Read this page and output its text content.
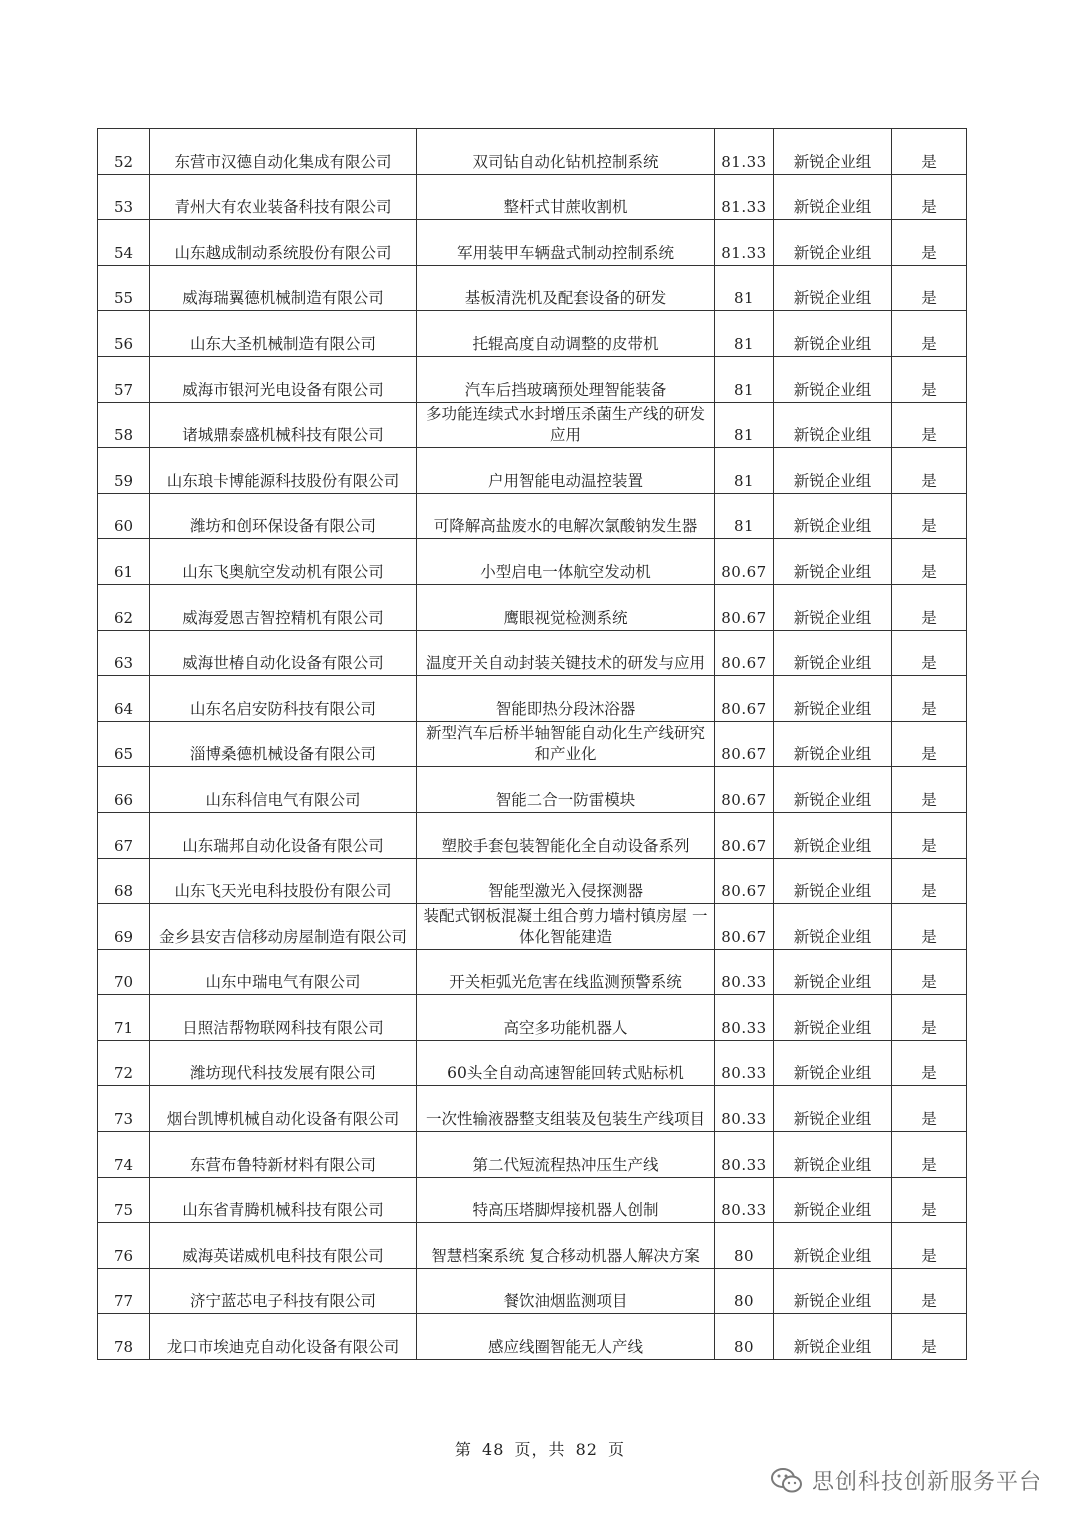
52	东营市汉德自动化集成有限公司	双司钻自动化钻机控制系统	81.33	新锐企业组	是
53	青州大有农业装备科技有限公司	整杆式甘蔗收割机	81.33	新锐企业组	是
54	山东越成制动系统股份有限公司	军用装甲车辆盘式制动控制系统	81.33	新锐企业组	是
55	威海瑞翼德机械制造有限公司	基板清洗机及配套设备的研发	81	新锐企业组	是
56	山东大圣机械制造有限公司	托辊高度自动调整的皮带机	81	新锐企业组	是
57	威海市银河光电设备有限公司	汽车后挡玻璃预处理智能装备	81	新锐企业组	是
58	诸城鼎泰盛机械科技有限公司	多功能连续式水封增压杀菌生产线的研发应用	81	新锐企业组	是
59	山东琅卡博能源科技股份有限公司	户用智能电动温控装置	81	新锐企业组	是
60	潍坊和创环保设备有限公司	可降解高盐废水的电解次氯酸钠发生器	81	新锐企业组	是
61	山东飞奥航空发动机有限公司	小型启电一体航空发动机	80.67	新锐企业组	是
62	威海爱恩吉智控精机有限公司	鹰眼视觉检测系统	80.67	新锐企业组	是
63	威海世椿自动化设备有限公司	温度开关自动封装关键技术的研发与应用	80.67	新锐企业组	是
64	山东名启安防科技有限公司	智能即热分段沐浴器	80.67	新锐企业组	是
65	淄博桑德机械设备有限公司	新型汽车后桥半轴智能自动化生产线研究和产业化	80.67	新锐企业组	是
66	山东科信电气有限公司	智能二合一防雷模块	80.67	新锐企业组	是
67	山东瑞邦自动化设备有限公司	塑胶手套包装智能化全自动设备系列	80.67	新锐企业组	是
68	山东飞天光电科技股份有限公司	智能型激光入侵探测器	80.67	新锐企业组	是
69	金乡县安吉信移动房屋制造有限公司	装配式钢板混凝土组合剪力墙村镇房屋 一体化智能建造	80.67	新锐企业组	是
70	山东中瑞电气有限公司	开关柜弧光危害在线监测预警系统	80.33	新锐企业组	是
71	日照洁帮物联网科技有限公司	高空多功能机器人	80.33	新锐企业组	是
72	潍坊现代科技发展有限公司	60头全自动高速智能回转式贴标机	80.33	新锐企业组	是
73	烟台凯博机械自动化设备有限公司	一次性输液器整支组装及包装生产线项目	80.33	新锐企业组	是
74	东营布鲁特新材料有限公司	第二代短流程热冲压生产线	80.33	新锐企业组	是
75	山东省青腾机械科技有限公司	特高压塔脚焊接机器人创制	80.33	新锐企业组	是
76	威海英诺威机电科技有限公司	智慧档案系统 复合移动机器人解决方案	80	新锐企业组	是
77	济宁蓝芯电子科技有限公司	餐饮油烟监测项目	80	新锐企业组	是
78	龙口市埃迪克自动化设备有限公司	感应线圈智能无人产线	80	新锐企业组	是
第 48 页，共 82 页
思创科技创新服务平台
